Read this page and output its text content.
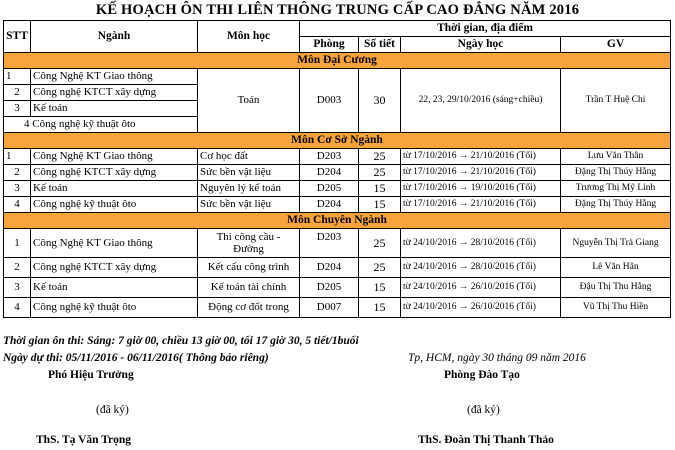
KẾ HOẠCH ÔN THI LIÊN THÔNG TRUNG CẤP CAO ĐẲNG NĂM 2016
STT	Ngành	Môn học	Thời gian, địa điểm			
			Phòng	Số tiết	Ngày học	GV
Môn Đại Cương						
1	Công Nghệ KT Giao thông	Toán	D003	30	22, 23, 29/10/2016 (sáng+chiều)	Trần T Huệ Chi
2	Công nghệ KTCT xây dựng					
3	Kế toán					
4 Công nghệ kỹ thuật ôto						
Môn Cơ Sở Ngành						
1	Công Nghệ KT Giao thông	Cơ học đất	D203	25	từ 17/10/2016 → 21/10/2016 (Tối)	Lưu Văn Thân
2	Công nghệ KTCT xây dựng	Sức bền vật liệu	D204	25	từ 17/10/2016 → 21/10/2016 (Tối)	Đặng Thị Thúy Hằng
3	Kế toán	Nguyên lý kế toán	D205	15	từ 17/10/2016 → 19/10/2016 (Tối)	Trương Thị Mỹ Linh
4	Công nghệ kỹ thuật ôto	Sức bền vật liệu	D204	15	từ 17/10/2016 → 21/10/2016 (Tối)	Đặng Thị Thúy Hằng
Môn Chuyên Ngành						
1	Công Nghệ KT Giao thông	Thi công cầu - Đường	D203	25	từ 24/10/2016 → 28/10/2016 (Tối)	Nguyễn Thị Trà Giang
2	Công nghệ KTCT xây dựng	Kết cấu công trình	D204	25	từ 24/10/2016 → 28/10/2016 (Tối)	Lê Văn Hân
3	Kế toán	Kế toán tài chính	D205	15	từ 24/10/2016 → 26/10/2016 (Tối)	Đậu Thị Thu Hằng
4	Công nghệ kỹ thuật ôto	Động cơ đốt trong	D007	15	từ 24/10/2016 → 26/10/2016 (Tối)	Vũ Thị Thu Hiền
Thời gian ôn thi: Sáng: 7 giờ 00, chiều 13 giờ 00, tối 17 giờ 30, 5 tiết/1buổi
Ngày dự thi: 05/11/2016 - 06/11/2016( Thông báo riêng)	Tp, HCM, ngày 30 tháng 09 năm 2016
Phó Hiệu Trưởng	Phòng Đào Tạo
(đã ký)	(đã ký)
ThS. Tạ Văn Trọng	ThS. Đoàn Thị Thanh Thảo
